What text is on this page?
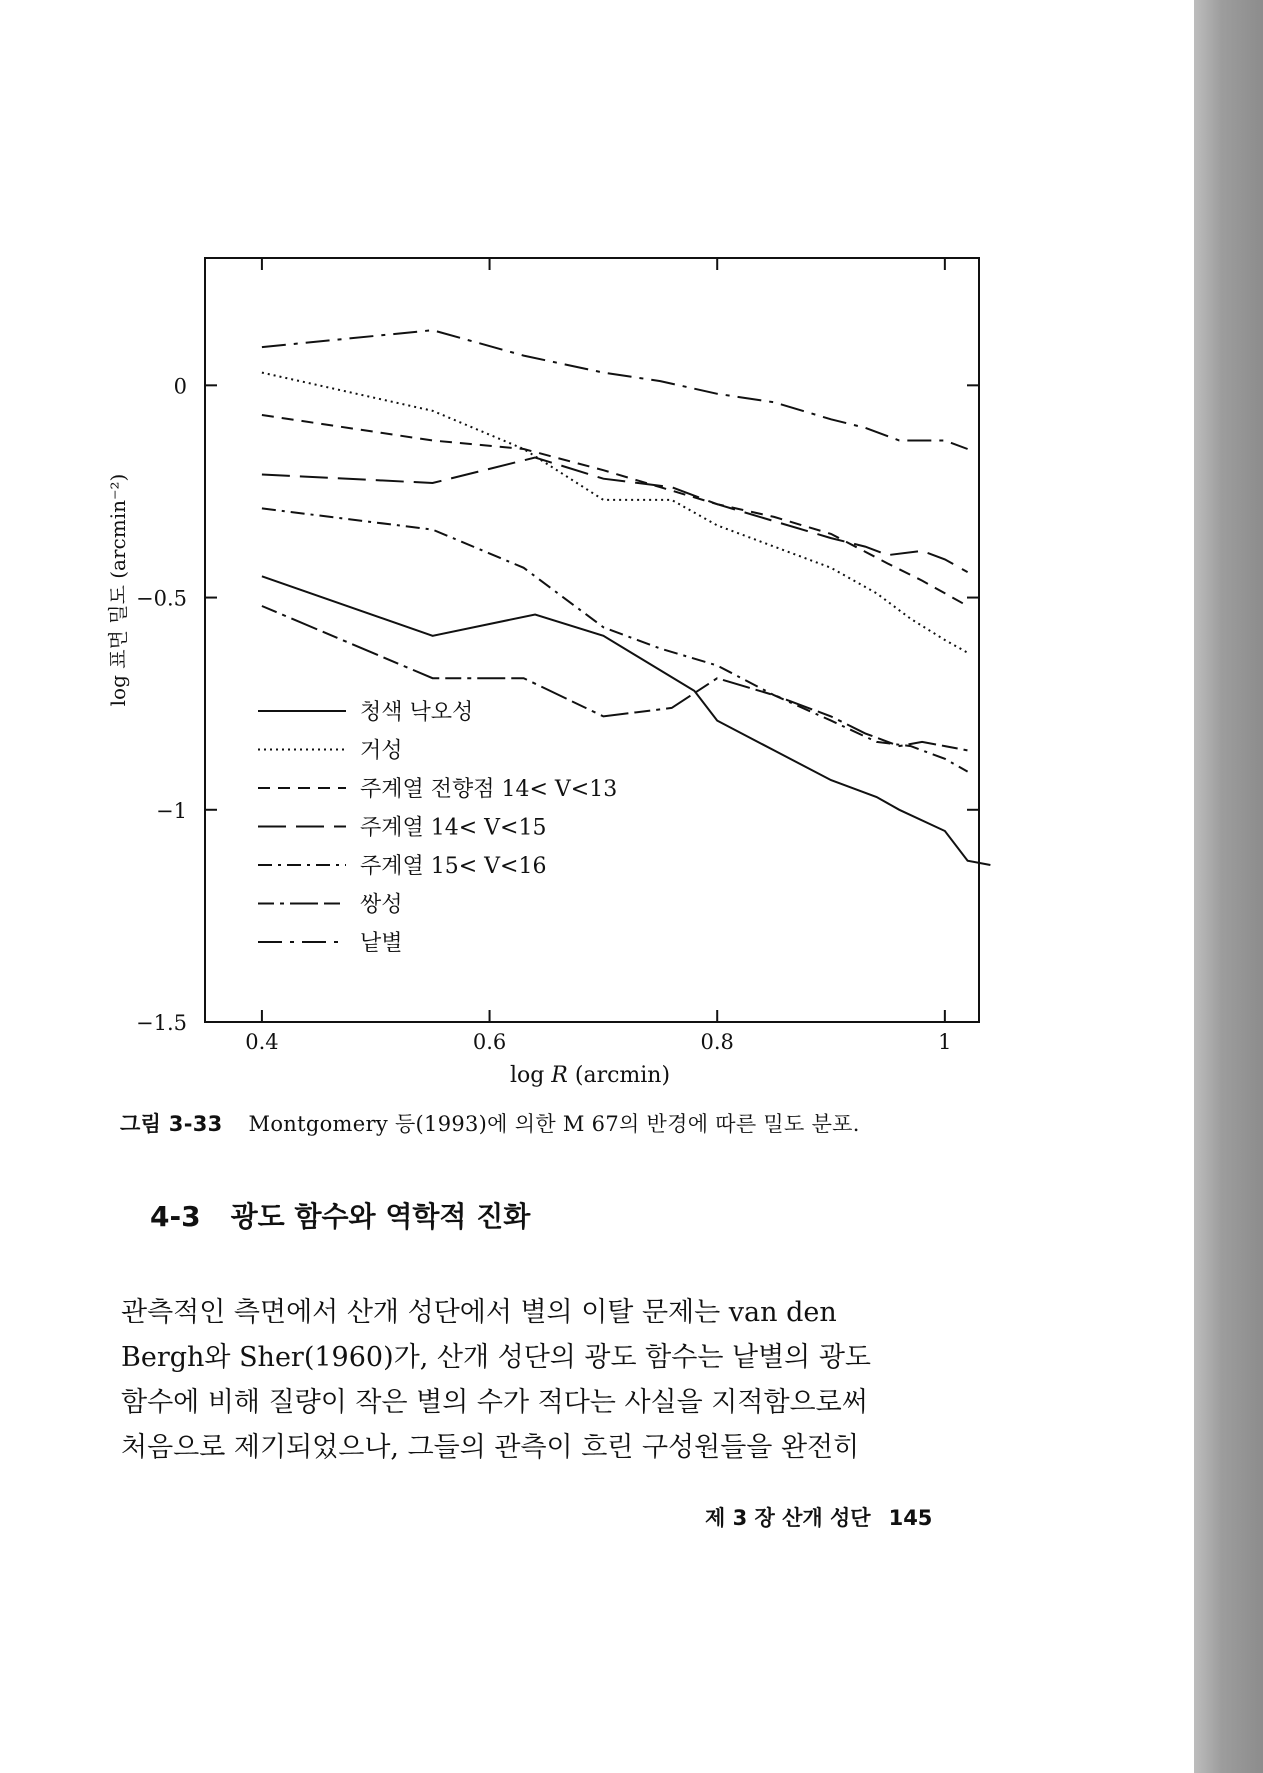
0.4	0.6	0.8	1
0
−0.5
−1
−1.5
청색 낙오성
거성
주계열 전향점 14< V<13
주계열 14< V<15
주계열 15< V<16
쌍성
낱별
log R (arcmin)
log 표면 밀도 (arcmin⁻²)
그림 3-33 Montgomery 등(1993)에 의한 M 67의 반경에 따른 밀도 분포.
4-3 광도 함수와 역학적 진화
관측적인 측면에서 산개 성단에서 별의 이탈 문제는 van den
Bergh와 Sher(1960)가, 산개 성단의 광도 함수는 낱별의 광도
함수에 비해 질량이 작은 별의 수가 적다는 사실을 지적함으로써
처음으로 제기되었으나, 그들의 관측이 흐린 구성원들을 완전히
제 3 장 산개 성단 145
